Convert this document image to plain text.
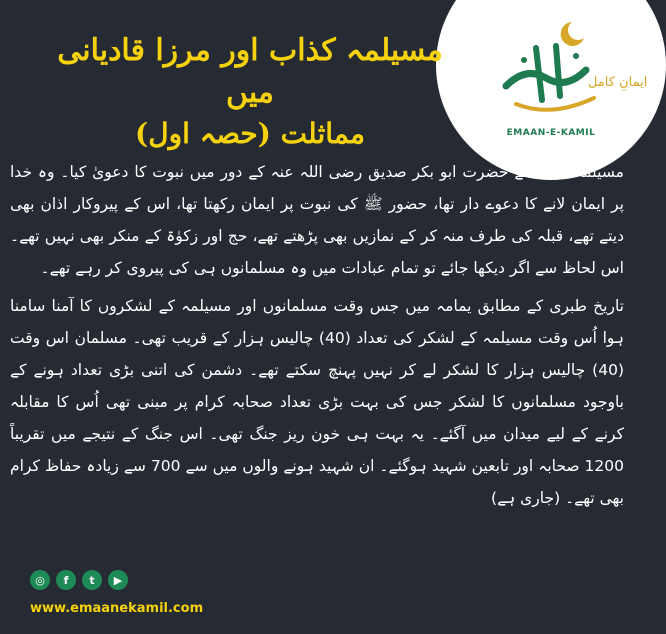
ایمانِ کامل
EMAAN-E-KAMIL
مسیلمہ کذاب اور مرزا قادیانی میں
مماثلت (حصہ اول)

مسیلمہ کذاب نے حضرت ابو بکر صدیق رضی اللہ عنہ کے دور میں نبوت کا دعویٰ کیا۔ وہ خدا پر ایمان لانے کا دعوے دار تھا، حضور ﷺ کی نبوت پر ایمان رکھتا تھا، اس کے پیروکار اذان بھی دیتے تھے، قبلہ کی طرف منہ کر کے نمازیں بھی پڑھتے تھے، حج اور زکوٰۃ کے منکر بھی نہیں تھے۔ اس لحاظ سے اگر دیکھا جائے تو تمام عبادات میں وہ مسلمانوں ہی کی پیروی کر رہے تھے۔

تاریخ طبری کے مطابق یمامہ میں جس وقت مسلمانوں اور مسیلمہ کے لشکروں کا آمنا سامنا ہوا اُس وقت مسیلمہ کے لشکر کی تعداد (40) چالیس ہزار کے قریب تھی۔ مسلمان اس وقت (40) چالیس ہزار کا لشکر لے کر نہیں پہنچ سکتے تھے۔ دشمن کی اتنی بڑی تعداد ہونے کے باوجود مسلمانوں کا لشکر جس کی بہت بڑی تعداد صحابہ کرام پر مبنی تھی اُس کا مقابلہ کرنے کے لیے میدان میں آگئے۔ یہ بہت ہی خون ریز جنگ تھی۔ اس جنگ کے نتیجے میں تقریباً 1200 صحابہ اور تابعین شہید ہوگئے۔ ان شہید ہونے والوں میں سے 700 سے زیادہ حفاظ کرام بھی تھے۔ (جاری ہے)

◎	f	t	▶
www.emaanekamil.com
